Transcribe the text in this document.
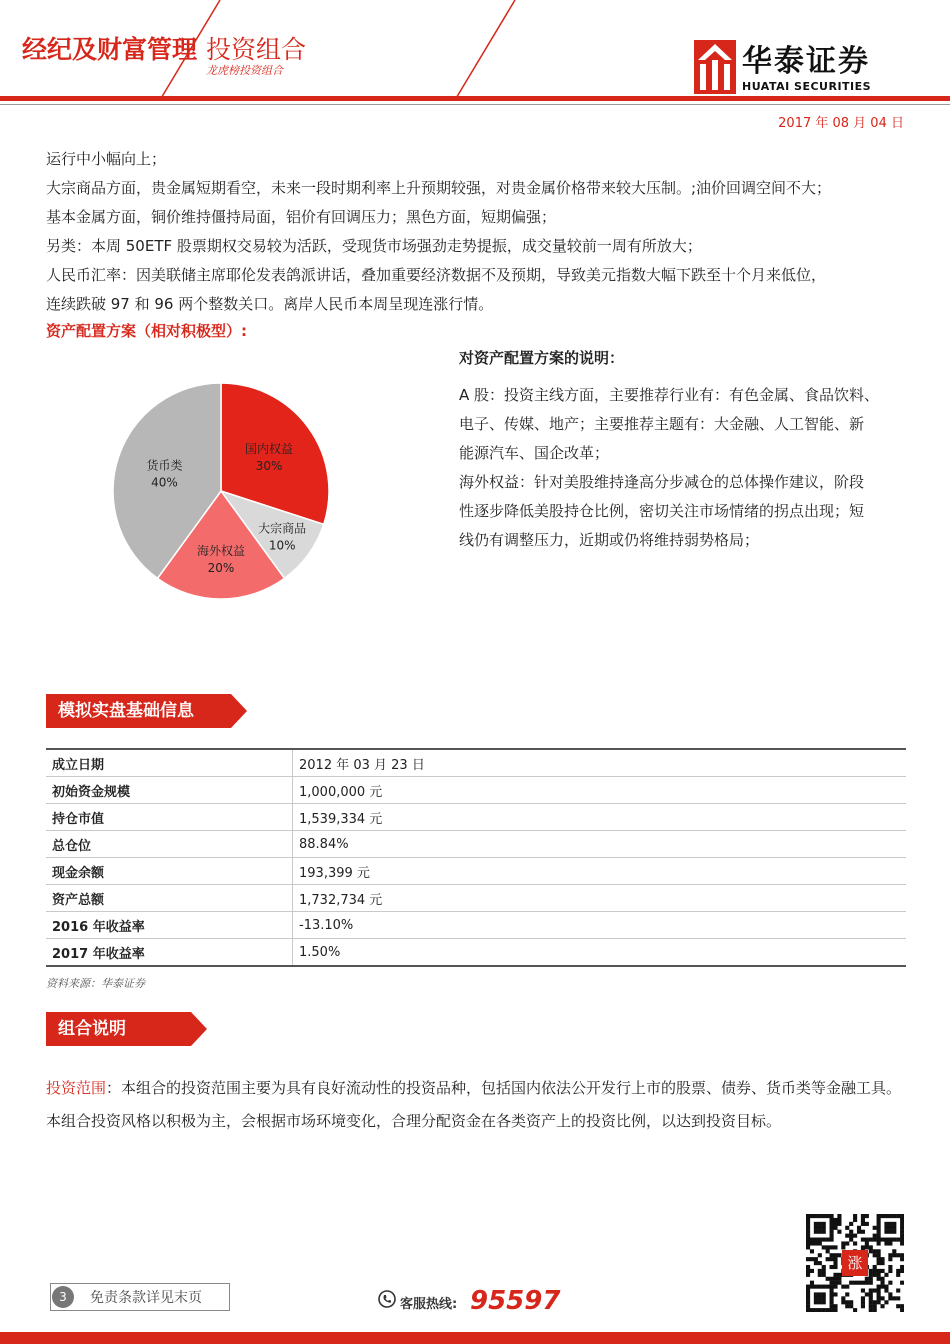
经纪及财富管理 投资组合
龙虎榜投资组合	华泰证券
HUATAI SECURITIES
2017 年 08 月 04 日

运行中小幅向上；

大宗商品方面，贵金属短期看空，未来一段时期利率上升预期较强，对贵金属价格带来较大压制。;油价回调空间不大；

基本金属方面，铜价维持僵持局面，铝价有回调压力；黑色方面，短期偏强；

另类：本周 50ETF 股票期权交易较为活跃，受现货市场强劲走势提振，成交量较前一周有所放大；

人民币汇率：因美联储主席耶伦发表鸽派讲话，叠加重要经济数据不及预期，导致美元指数大幅下跌至十个月来低位，

连续跌破 97 和 96 两个整数关口。离岸人民币本周呈现连涨行情。

资产配置方案（相对积极型）:
国内权益
30%
大宗商品
10%
海外权益
20%
货币类
40%

对资产配置方案的说明：

A 股：投资主线方面，主要推荐行业有：有色金属、食品饮料、

电子、传媒、地产；主要推荐主题有：大金融、人工智能、新

能源汽车、国企改革；

海外权益：针对美股维持逢高分步减仓的总体操作建议，阶段

性逐步降低美股持仓比例，密切关注市场情绪的拐点出现；短

线仍有调整压力，近期或仍将维持弱势格局；

模拟实盘基础信息
成立日期	2012 年 03 月 23 日
初始资金规模	1,000,000 元
持仓市值	1,539,334 元
总仓位	88.84%
现金余额	193,399 元
资产总额	1,732,734 元
2016 年收益率	-13.10%
2017 年收益率	1.50%
资料来源：华泰证券
组合说明
投资范围：本组合的投资范围主要为具有良好流动性的投资品种，包括国内依法公开发行上市的股票、债券、货币类等金融工具。本组合投资风格以积极为主，会根据市场环境变化，合理分配资金在各类资产上的投资比例，以达到投资目标。
涨
3	免责条款详见末页	客服热线: 95597
